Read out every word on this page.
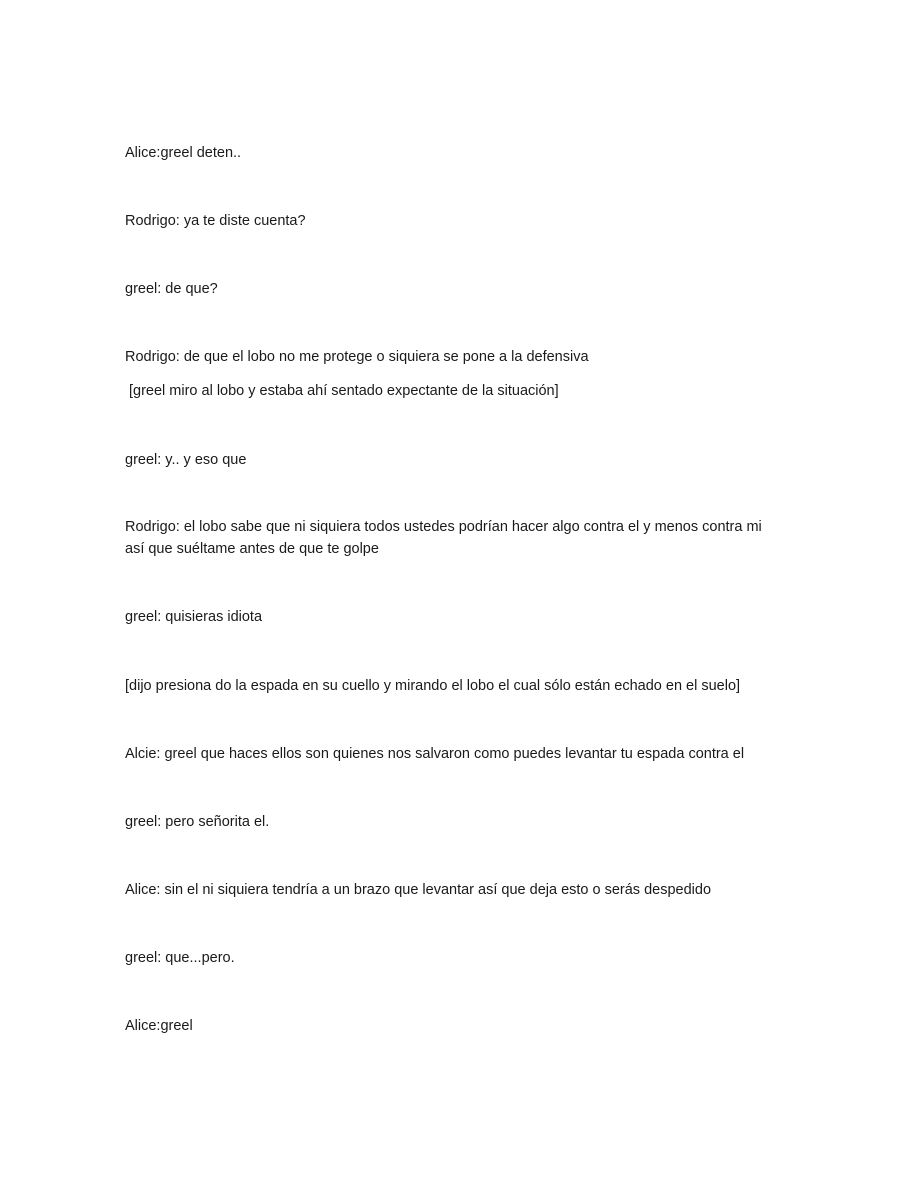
Alice:greel deten..
Rodrigo: ya te diste cuenta?
greel: de que?
Rodrigo: de que el lobo no me protege o siquiera se pone a la defensiva
[greel miro al lobo y estaba ahí sentado expectante de la situación]
greel: y.. y eso que
Rodrigo: el lobo sabe que ni siquiera todos ustedes podrían hacer algo contra el y menos contra mi así que suéltame antes de que te golpe
greel: quisieras idiota
[dijo presiona do la espada en su cuello y mirando el lobo el cual sólo están echado en el suelo]
Alcie: greel que haces ellos son quienes nos salvaron como puedes levantar tu espada contra el
greel: pero señorita el.
Alice: sin el ni siquiera tendría a un brazo que levantar así que deja esto o serás despedido
greel: que...pero.
Alice:greel
